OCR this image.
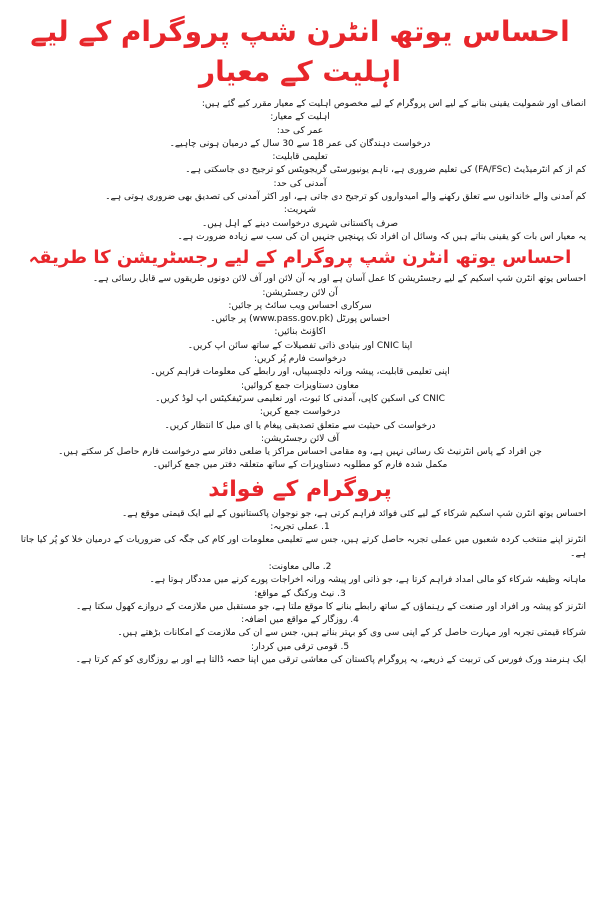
احساس یوتھ انٹرن شپ پروگرام کے لیے اہلیت کے معیار

انصاف اور شمولیت یقینی بنانے کے لیے اس پروگرام کے لیے مخصوص اہلیت کے معیار مقرر کیے گئے ہیں:

اہلیت کے معیار:

عمر کی حد:

درخواست دہندگان کی عمر 18 سے 30 سال کے درمیان ہونی چاہیے۔

تعلیمی قابلیت:

کم از کم انٹرمیڈیٹ (FA/FSc) کی تعلیم ضروری ہے، تاہم یونیورسٹی گریجویٹس کو ترجیح دی جاسکتی ہے۔

آمدنی کی حد:

کم آمدنی والے خاندانوں سے تعلق رکھنے والے امیدواروں کو ترجیح دی جاتی ہے، اور اکثر آمدنی کی تصدیق بھی ضروری ہوتی ہے۔

شہریت:

صرف پاکستانی شہری درخواست دینے کے اہل ہیں۔

یہ معیار اس بات کو یقینی بناتے ہیں کہ وسائل ان افراد تک پہنچیں جنہیں ان کی سب سے زیادہ ضرورت ہے۔

احساس یوتھ انٹرن شپ پروگرام کے لیے رجسٹریشن کا طریقہ

احساس یوتھ انٹرن شپ اسکیم کے لیے رجسٹریشن کا عمل آسان ہے اور یہ آن لائن اور آف لائن دونوں طریقوں سے قابل رسائی ہے۔

آن لائن رجسٹریشن:

سرکاری احساس ویب سائٹ پر جائیں:

احساس پورٹل (www.pass.gov.pk) پر جائیں۔

اکاؤنٹ بنائیں:

اپنا CNIC اور بنیادی ذاتی تفصیلات کے ساتھ سائن اپ کریں۔

درخواست فارم پُر کریں:

اپنی تعلیمی قابلیت، پیشہ ورانہ دلچسپیاں، اور رابطے کی معلومات فراہم کریں۔

معاون دستاویزات جمع کروائیں:

CNIC کی اسکین کاپی، آمدنی کا ثبوت، اور تعلیمی سرٹیفکیٹس اپ لوڈ کریں۔

درخواست جمع کریں:

درخواست کی حیثیت سے متعلق تصدیقی پیغام یا ای میل کا انتظار کریں۔

آف لائن رجسٹریشن:

جن افراد کے پاس انٹرنیٹ تک رسائی نہیں ہے، وہ مقامی احساس مراکز یا ضلعی دفاتر سے درخواست فارم حاصل کر سکتے ہیں۔

مکمل شدہ فارم کو مطلوبہ دستاویزات کے ساتھ متعلقہ دفتر میں جمع کرائیں۔

پروگرام کے فوائد

احساس یوتھ انٹرن شپ اسکیم شرکاء کے لیے کئی فوائد فراہم کرتی ہے، جو نوجوان پاکستانیوں کے لیے ایک قیمتی موقع ہے۔

1. عملی تجربہ:

انٹرنز اپنے منتخب کردہ شعبوں میں عملی تجربہ حاصل کرتے ہیں، جس سے تعلیمی معلومات اور کام کی جگہ کی ضروریات کے درمیان خلا کو پُر کیا جاتا ہے۔

2. مالی معاونت:

ماہانہ وظیفہ شرکاء کو مالی امداد فراہم کرتا ہے، جو ذاتی اور پیشہ ورانہ اخراجات پورے کرنے میں مددگار ہوتا ہے۔

3. نیٹ ورکنگ کے مواقع:

انٹرنز کو پیشہ ور افراد اور صنعت کے رہنماؤں کے ساتھ رابطے بنانے کا موقع ملتا ہے، جو مستقبل میں ملازمت کے دروازے کھول سکتا ہے۔

4. روزگار کے مواقع میں اضافہ:

شرکاء قیمتی تجربہ اور مہارت حاصل کر کے اپنی سی وی کو بہتر بناتے ہیں، جس سے ان کی ملازمت کے امکانات بڑھتے ہیں۔

5. قومی ترقی میں کردار:

ایک ہنرمند ورک فورس کی تربیت کے ذریعے، یہ پروگرام پاکستان کی معاشی ترقی میں اپنا حصہ ڈالتا ہے اور بے روزگاری کو کم کرتا ہے۔
